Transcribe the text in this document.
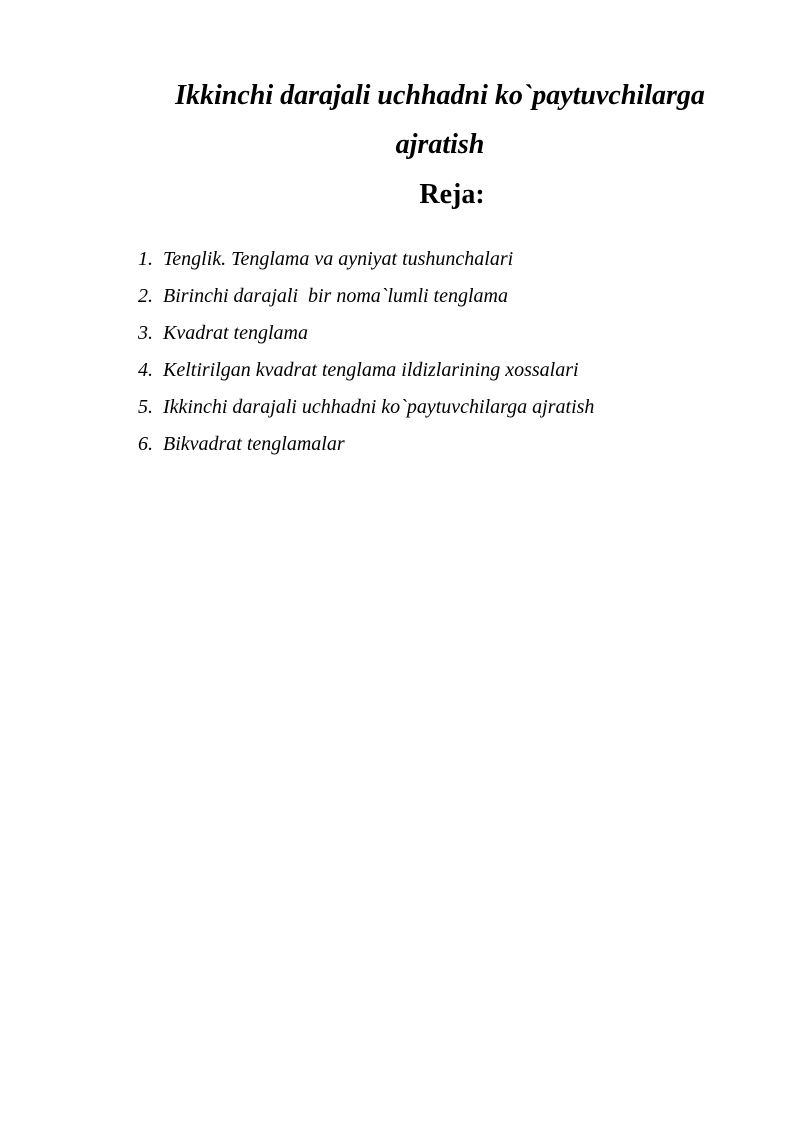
Ikkinchi darajali uchhadni ko`paytuvchilarga
ajratish
Reja:
1. Tenglik. Tenglama va ayniyat tushunchalari
2. Birinchi darajali  bir noma`lumli tenglama
3. Kvadrat tenglama
4. Keltirilgan kvadrat tenglama ildizlarining xossalari
5. Ikkinchi darajali uchhadni ko`paytuvchilarga ajratish
6. Bikvadrat tenglamalar
